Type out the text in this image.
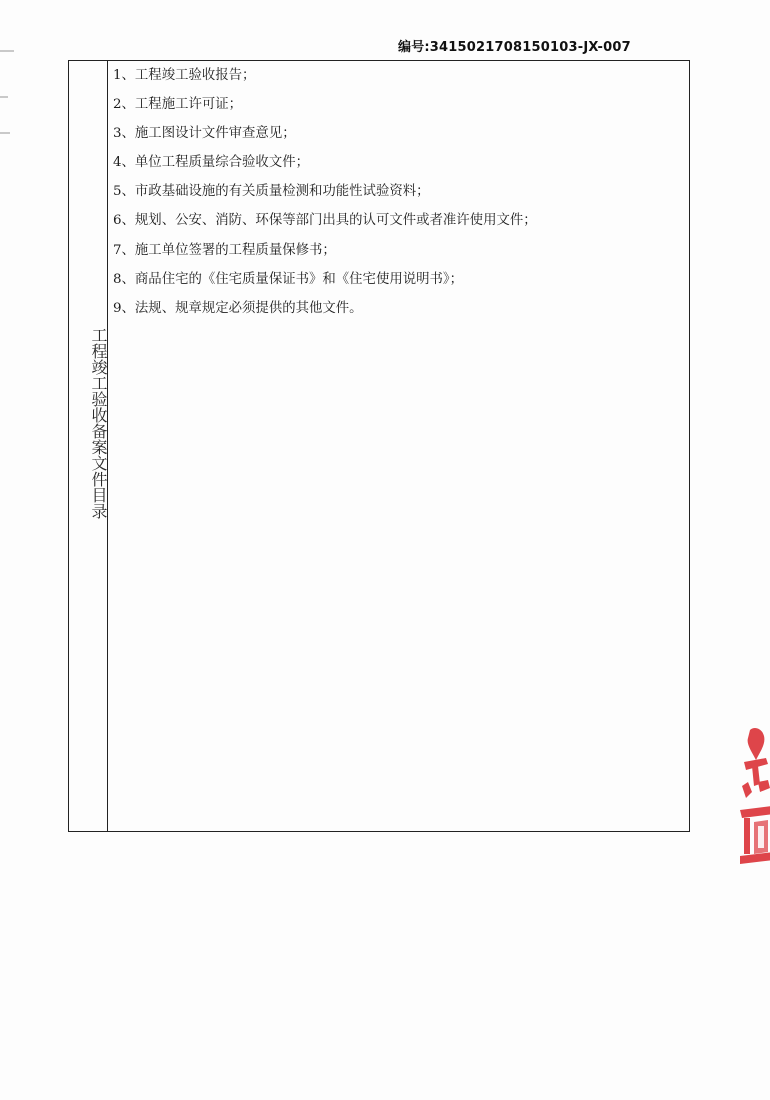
编号:3415021708150103-JX-007
工程竣工验收备案文件目录
1、工程竣工验收报告；
2、工程施工许可证；
3、施工图设计文件审查意见；
4、单位工程质量综合验收文件；
5、市政基础设施的有关质量检测和功能性试验资料；
6、规划、公安、消防、环保等部门出具的认可文件或者准许使用文件；
7、施工单位签署的工程质量保修书；
8、商品住宅的《住宅质量保证书》和《住宅使用说明书》；
9、法规、规章规定必须提供的其他文件。
